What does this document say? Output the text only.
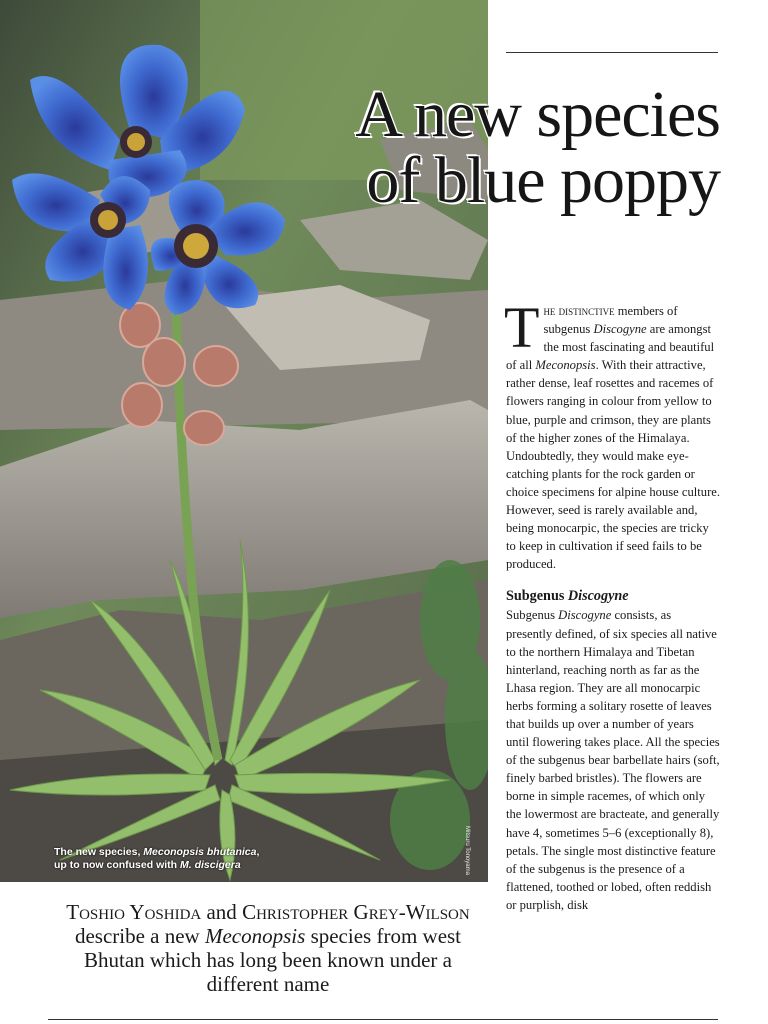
The new species, Meconopsis bhutanica,
up to now confused with M. discigera	Mitsuru Tonoyama
A new species
of blue poppy

The distinctive members of subgenus Discogyne are amongst the most fascinating and beautiful of all Meconopsis. With their attractive, rather dense, leaf rosettes and racemes of flowers ranging in colour from yellow to blue, purple and crimson, they are plants of the higher zones of the Himalaya. Undoubtedly, they would make eye-catching plants for the rock garden or choice specimens for alpine house culture. However, seed is rarely available and, being monocarpic, the species are tricky to keep in cultivation if seed fails to be produced.

Subgenus Discogyne

Subgenus Discogyne consists, as presently defined, of six species all native to the northern Himalaya and Tibetan hinterland, reaching north as far as the Lhasa region. They are all monocarpic herbs forming a solitary rosette of leaves that builds up over a number of years until flowering takes place. All the species of the subgenus bear barbellate hairs (soft, finely barbed bristles). The flowers are borne in simple racemes, of which only the lowermost are bracteate, and generally have 4, sometimes 5–6 (exceptionally 8), petals. The single most distinctive feature of the subgenus is the presence of a flattened, toothed or lobed, often reddish or purplish, disk

Toshio Yoshida and Christopher Grey-Wilson describe a new Meconopsis species from west Bhutan which has long been known under a different name
